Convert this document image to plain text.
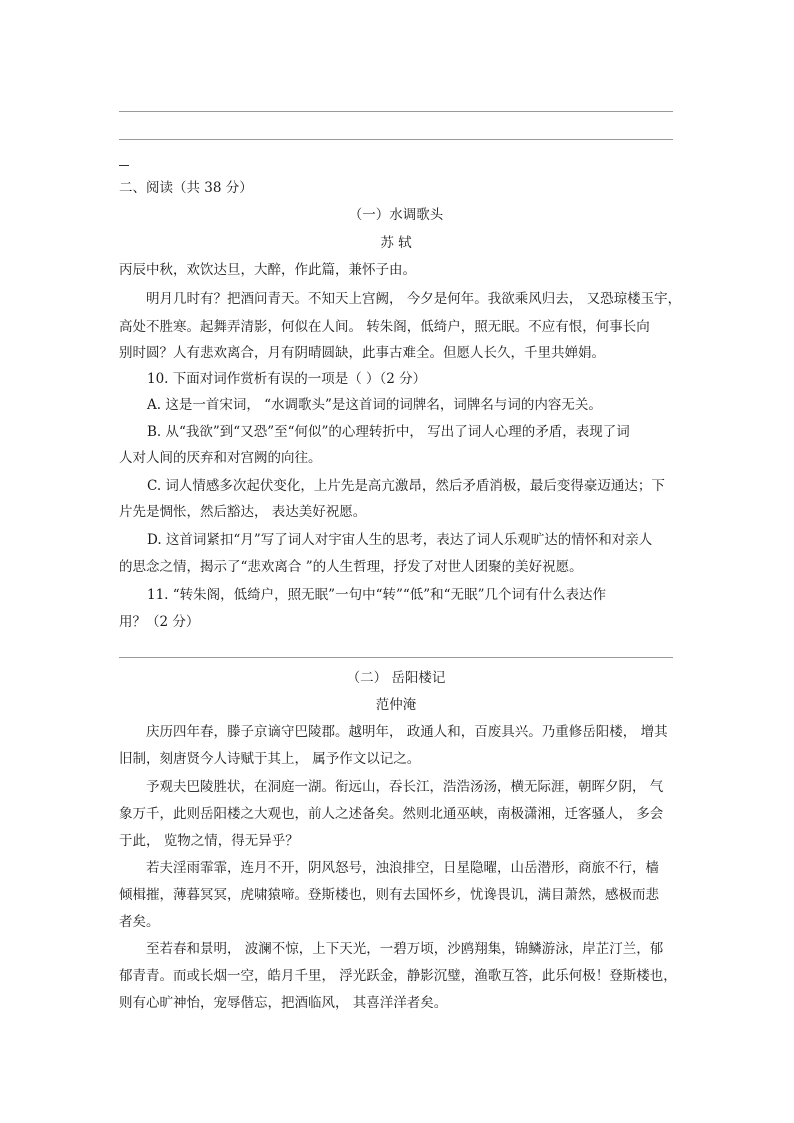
二、阅读（共 38 分）
（一）水调歌头
苏 轼
丙辰中秋，欢饮达旦，大醉，作此篇，兼怀子由。
明月几时有？把酒问青天。不知天上宫阙， 今夕是何年。我欲乘风归去， 又恐琼楼玉宇，
高处不胜寒。起舞弄清影，何似在人间。 转朱阁，低绮户，照无眠。不应有恨，何事长向
别时圆？人有悲欢离合，月有阴晴圆缺，此事古难全。但愿人长久，千里共婵娟。
10. 下面对词作赏析有误的一项是（ ）（2 分）
A. 这是一首宋词， “水调歌头”是这首词的词牌名，词牌名与词的内容无关。
B. 从“我欲”到“又恐”至“何似”的心理转折中， 写出了词人心理的矛盾，表现了词
人对人间的厌弃和对宫阙的向往。
C. 词人情感多次起伏变化，上片先是高亢激昂，然后矛盾消极，最后变得豪迈通达；下
片先是惆怅，然后豁达， 表达美好祝愿。
D. 这首词紧扣“月”写了词人对宇宙人生的思考，表达了词人乐观旷达的情怀和对亲人
的思念之情，揭示了“悲欢离合 ”的人生哲理，抒发了对世人团聚的美好祝愿。
11. “转朱阁，低绮户，照无眠”一句中“转”“低”和“无眠”几个词有什么表达作
用？（2 分）
（二） 岳阳楼记
范仲淹
庆历四年春，滕子京谪守巴陵郡。越明年， 政通人和，百废具兴。乃重修岳阳楼， 增其
旧制，刻唐贤今人诗赋于其上， 属予作文以记之。
予观夫巴陵胜状，在洞庭一湖。衔远山，吞长江，浩浩汤汤，横无际涯，朝晖夕阴， 气
象万千，此则岳阳楼之大观也，前人之述备矣。然则北通巫峡，南极潇湘，迁客骚人， 多会
于此， 览物之情，得无异乎？
若夫淫雨霏霏，连月不开，阴风怒号，浊浪排空，日星隐曜，山岳潜形，商旅不行，樯
倾楫摧，薄暮冥冥，虎啸猿啼。登斯楼也，则有去国怀乡，忧谗畏讥，满目萧然，感极而悲
者矣。
至若春和景明， 波澜不惊，上下天光，一碧万顷，沙鸥翔集，锦鳞游泳，岸芷汀兰，郁
郁青青。而或长烟一空，皓月千里， 浮光跃金，静影沉璧，渔歌互答，此乐何极！登斯楼也，
则有心旷神怡，宠辱偕忘，把酒临风， 其喜洋洋者矣。
